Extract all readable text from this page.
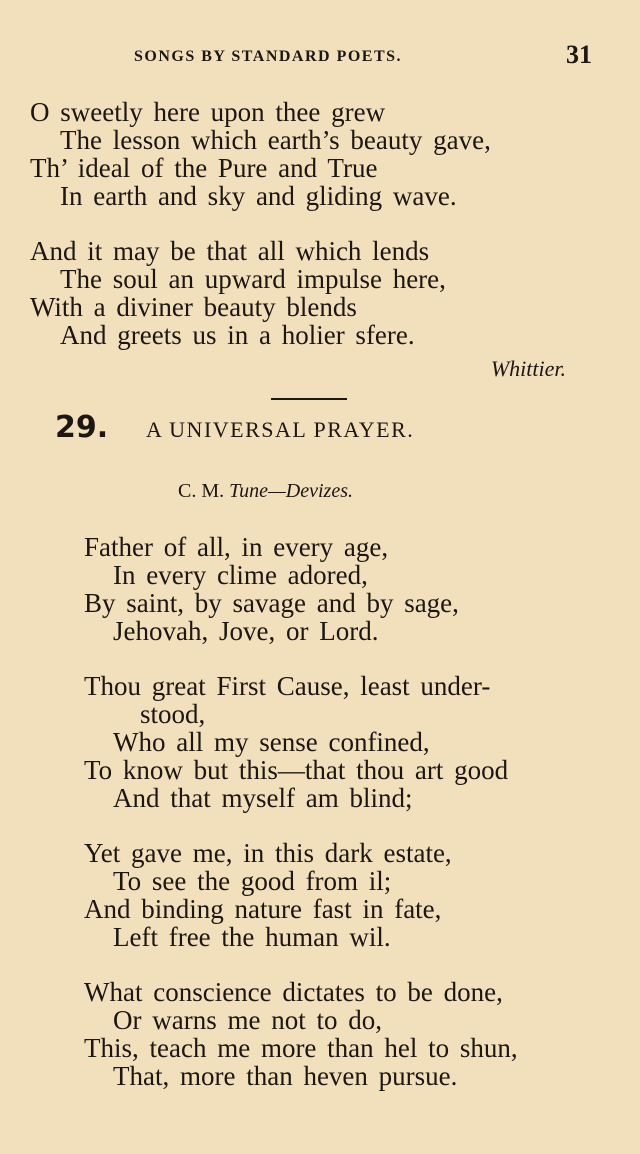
SONGS BY STANDARD POETS.	31
O sweetly here upon thee grew
The lesson which earth’s beauty gave,
Th’ ideal of the Pure and True
In earth and sky and gliding wave.
And it may be that all which lends
The soul an upward impulse here,
With a diviner beauty blends
And greets us in a holier sfere.
Whittier.
29. A UNIVERSAL PRAYER.
C. M. Tune—Devizes.
Father of all, in every age,
In every clime adored,
By saint, by savage and by sage,
Jehovah, Jove, or Lord.
Thou great First Cause, least under-
stood,
Who all my sense confined,
To know but this—that thou art good
And that myself am blind;
Yet gave me, in this dark estate,
To see the good from il;
And binding nature fast in fate,
Left free the human wil.
What conscience dictates to be done,
Or warns me not to do,
This, teach me more than hel to shun,
That, more than heven pursue.
